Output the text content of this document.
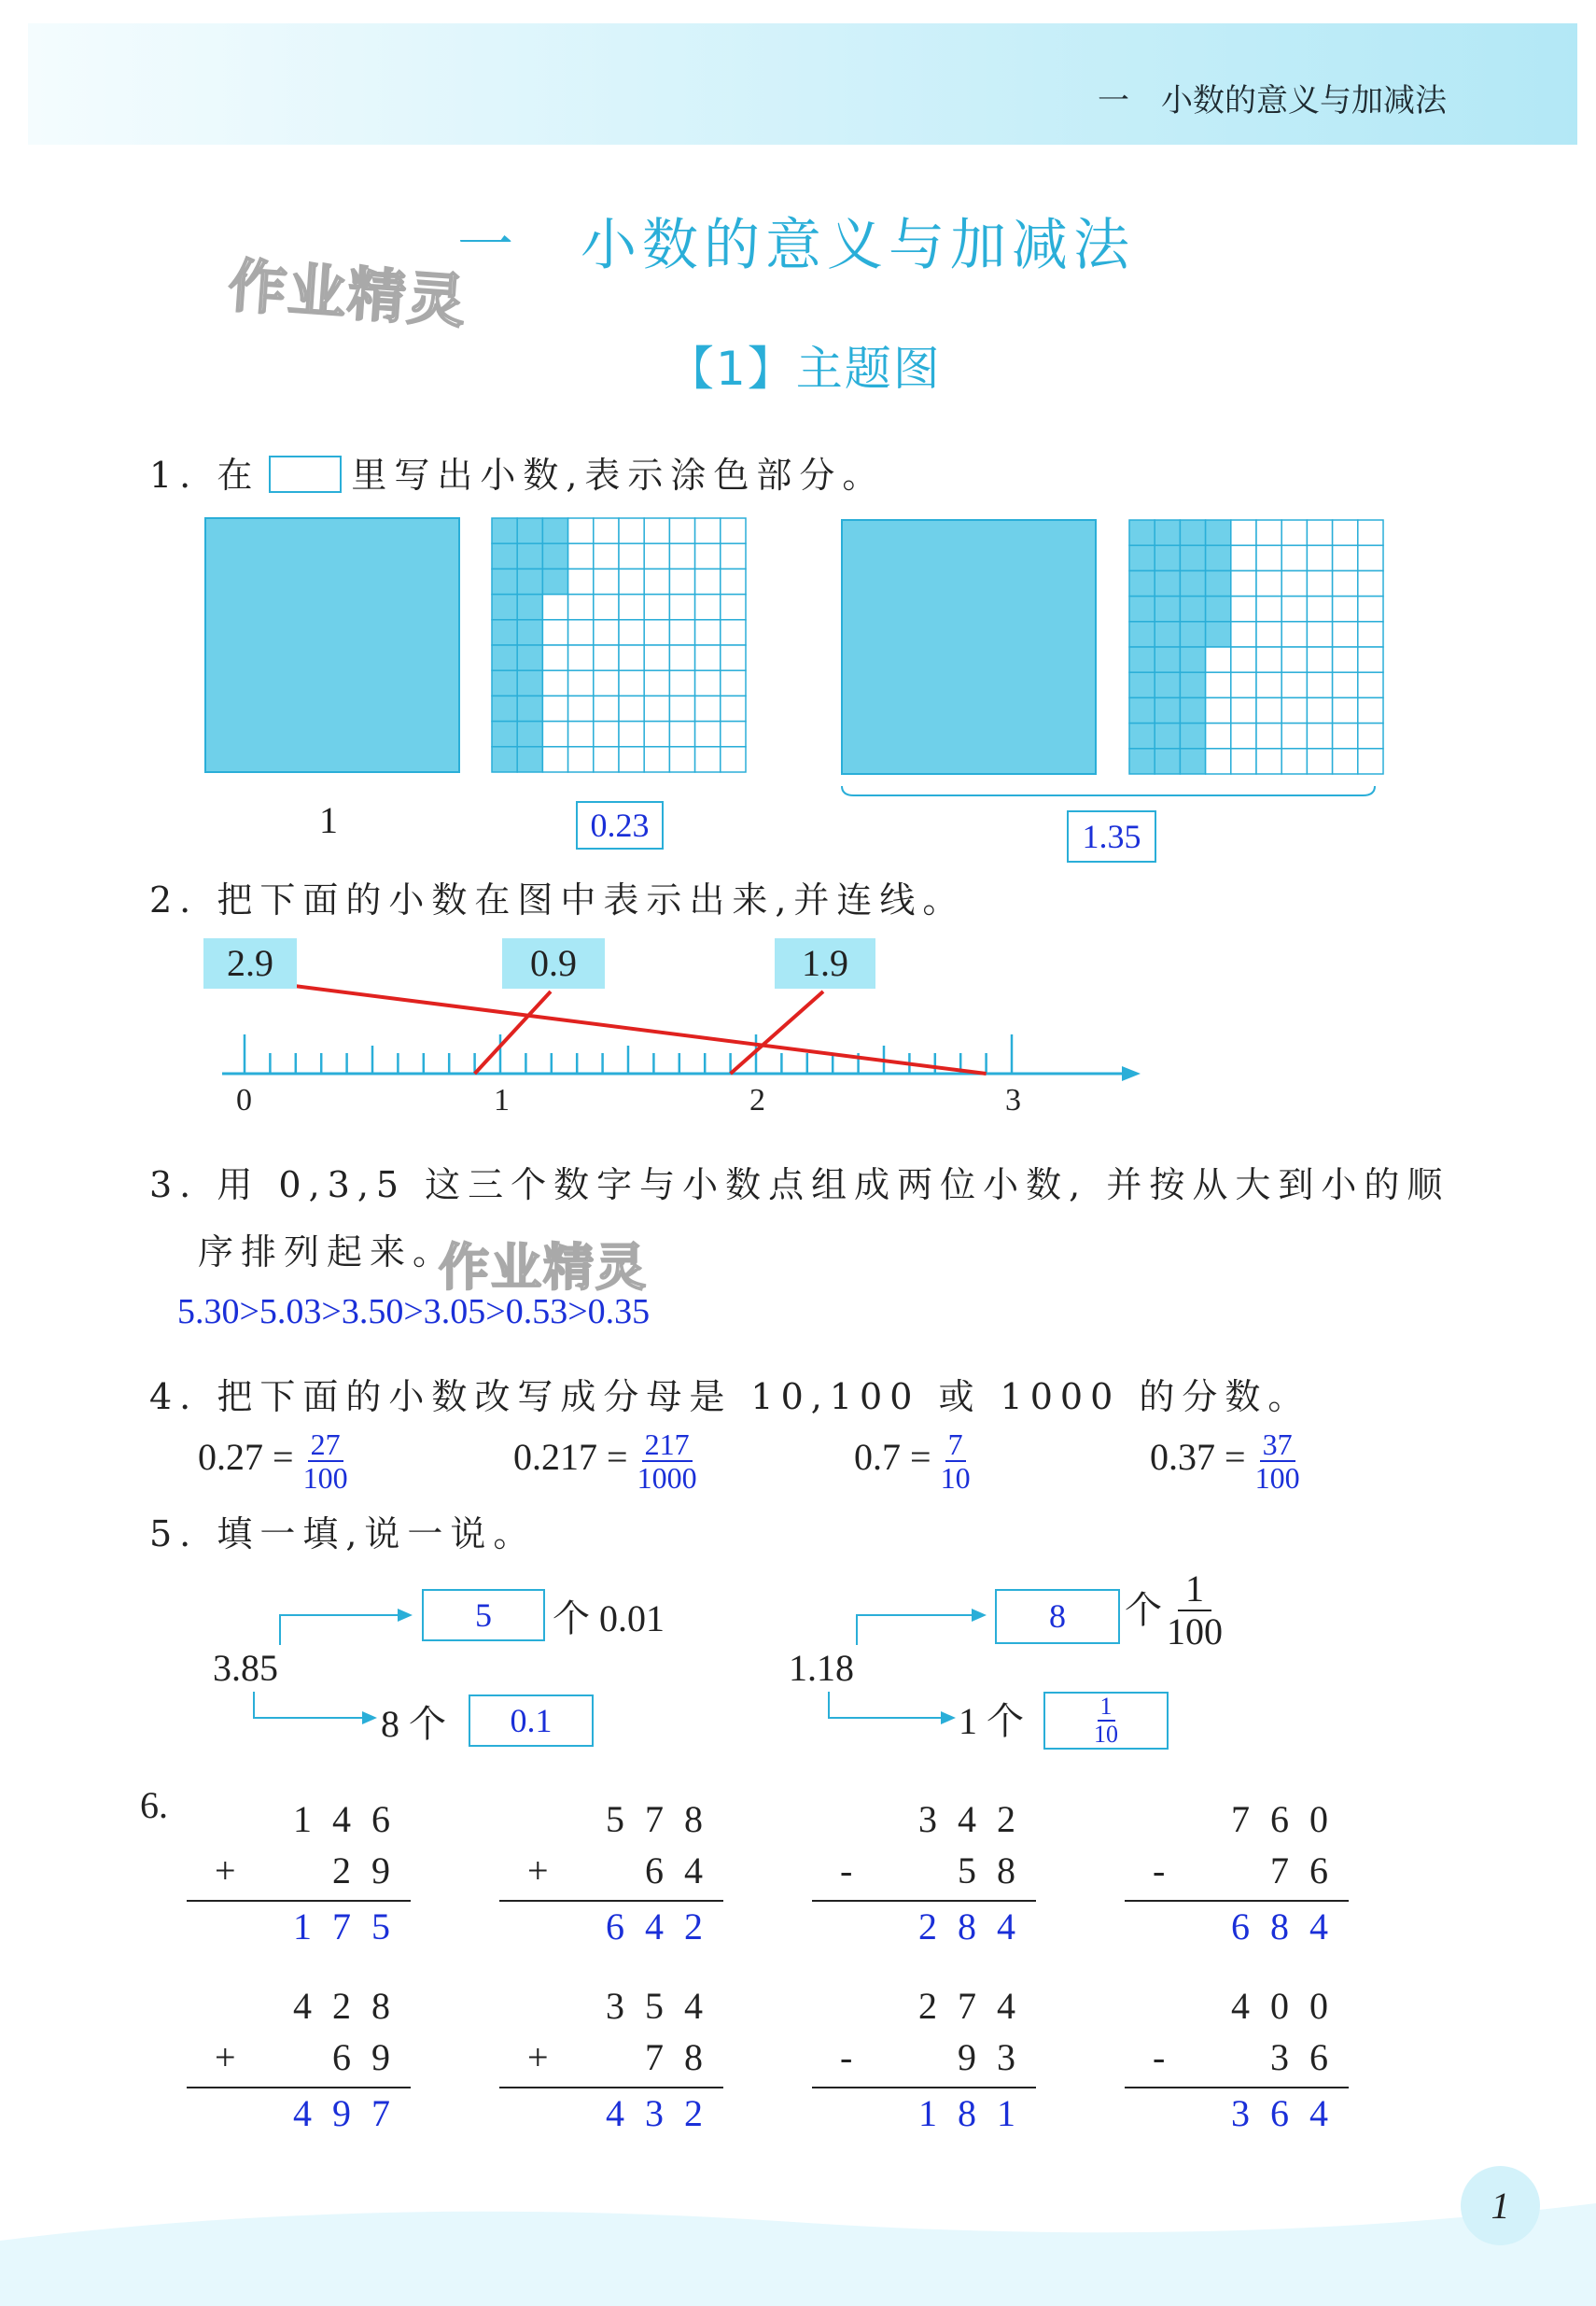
一　小数的意义与加减法
一　小数的意义与加减法
【1】主题图
作业精灵
1. 在	里写出小数,表示涂色部分。
1	0.23	1.35
2. 把下面的小数在图中表示出来,并连线。
2.9	0.9	1.9
0	1	2	3
3. 用 0,3,5 这三个数字与小数点组成两位小数, 并按从大到小的顺
序排列起来。
作业精灵
5.30>5.03>3.50>3.05>0.53>0.35
4. 把下面的小数改写成分母是 10,100 或 1000 的分数。
$0.27 = \frac{27}{100}$	$0.217 = \frac{217}{1000}$	$0.7 = \frac{7}{10}$	$0.37 = \frac{37}{100}$
5. 填一填,说一说。
3.85
5	个 0.01
8 个	0.1
1.18
8	个
1
100
1 个	$\frac{1}{10}$
6.	146
+	29
175
578
+	64
642
342
-	58
284
760
-	76
684
428
+	69
497
354
+	78
432
274
-	93
181
400
-	36
364
1
